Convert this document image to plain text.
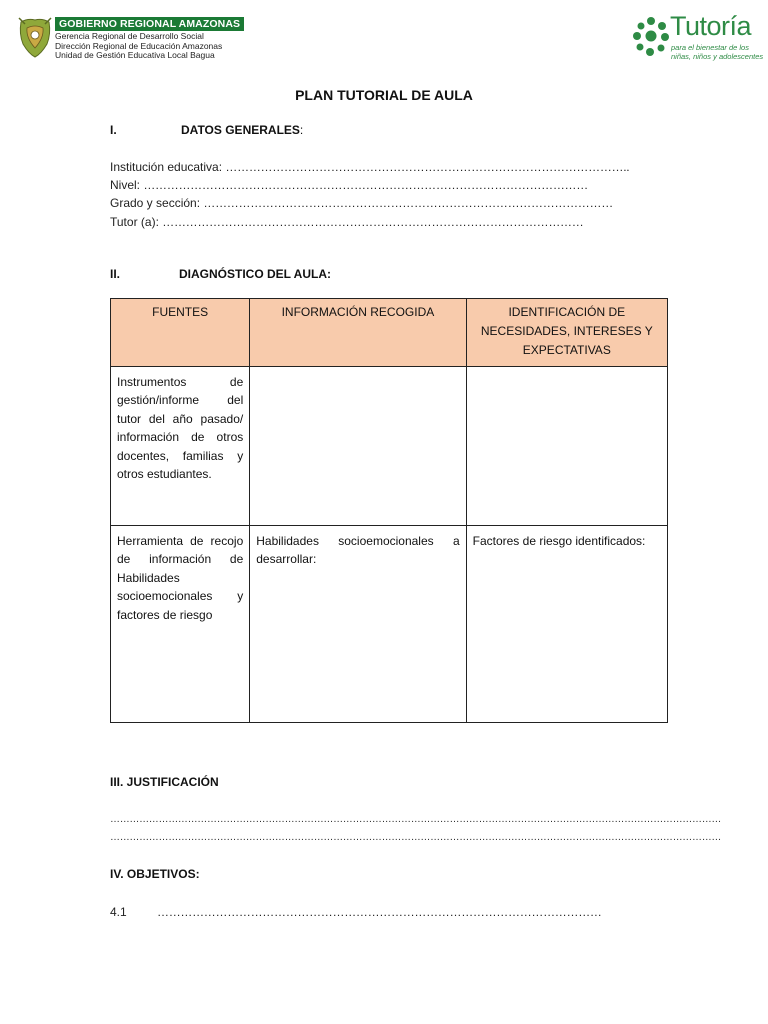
GOBIERNO REGIONAL AMAZONAS
Gerencia Regional de Desarrollo Social
Dirección Regional de Educación Amazonas
Unidad de Gestión Educativa Local Bagua
Tutoría
para el bienestar de los
niñas, niños y adolescentes
PLAN TUTORIAL DE AULA
I.	DATOS GENERALES:
Institución educativa: …………………………………………………………………………………………..
Nivel: ……………………………………………………………………………………………………
Grado y sección: ……………………………………………………………………………………………
Tutor (a): ………………………………………………………………………………………………
II.	DIAGNÓSTICO DEL AULA:
FUENTES	INFORMACIÓN RECOGIDA	IDENTIFICACIÓN DE NECESIDADES, INTERESES Y EXPECTATIVAS
Instrumentos de gestión/informe del tutor del año pasado/ información de otros docentes, familias y otros estudiantes.		
Herramienta de recojo de información de Habilidades socioemocionales y factores de riesgo	Habilidades socioemocionales a desarrollar:	Factores de riesgo identificados:
III. JUSTIFICACIÓN
………………………………………………………………………………………………………………………………………………………………………
………………………………………………………………………………………………………………………………………………………………………
IV. OBJETIVOS:
4.1	……………………………………………………………………………………………………
